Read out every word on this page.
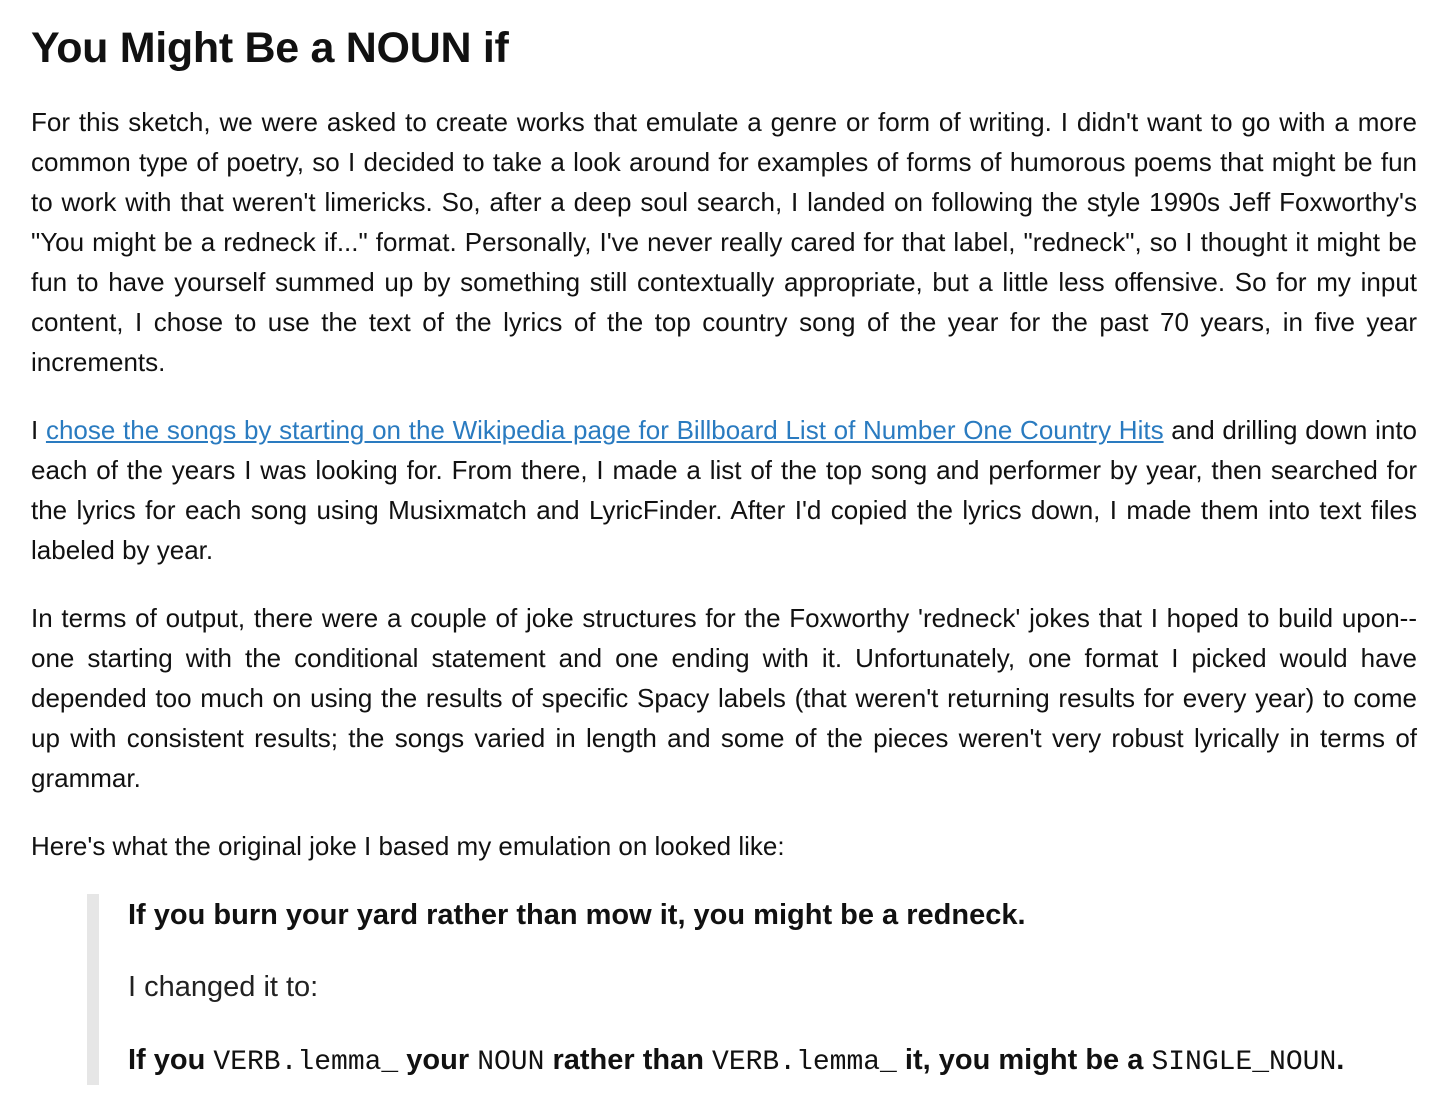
You Might Be a NOUN if

For this sketch, we were asked to create works that emulate a genre or form of writing. I didn't want to go with a more common type of poetry, so I decided to take a look around for examples of forms of humorous poems that might be fun to work with that weren't limericks. So, after a deep soul search, I landed on following the style 1990s Jeff Foxworthy's "You might be a redneck if..." format. Personally, I've never really cared for that label, "redneck", so I thought it might be fun to have yourself summed up by something still contextually appropriate, but a little less offensive. So for my input content, I chose to use the text of the lyrics of the top country song of the year for the past 70 years, in five year increments.

I chose the songs by starting on the Wikipedia page for Billboard List of Number One Country Hits and drilling down into each of the years I was looking for. From there, I made a list of the top song and performer by year, then searched for the lyrics for each song using Musixmatch and LyricFinder. After I'd copied the lyrics down, I made them into text files labeled by year.

In terms of output, there were a couple of joke structures for the Foxworthy 'redneck' jokes that I hoped to build upon--one starting with the conditional statement and one ending with it. Unfortunately, one format I picked would have depended too much on using the results of specific Spacy labels (that weren't returning results for every year) to come up with consistent results; the songs varied in length and some of the pieces weren't very robust lyrically in terms of grammar.

Here's what the original joke I based my emulation on looked like:

If you burn your yard rather than mow it, you might be a redneck.

I changed it to:

If you VERB.lemma_ your NOUN rather than VERB.lemma_ it, you might be a SINGLE_NOUN.
